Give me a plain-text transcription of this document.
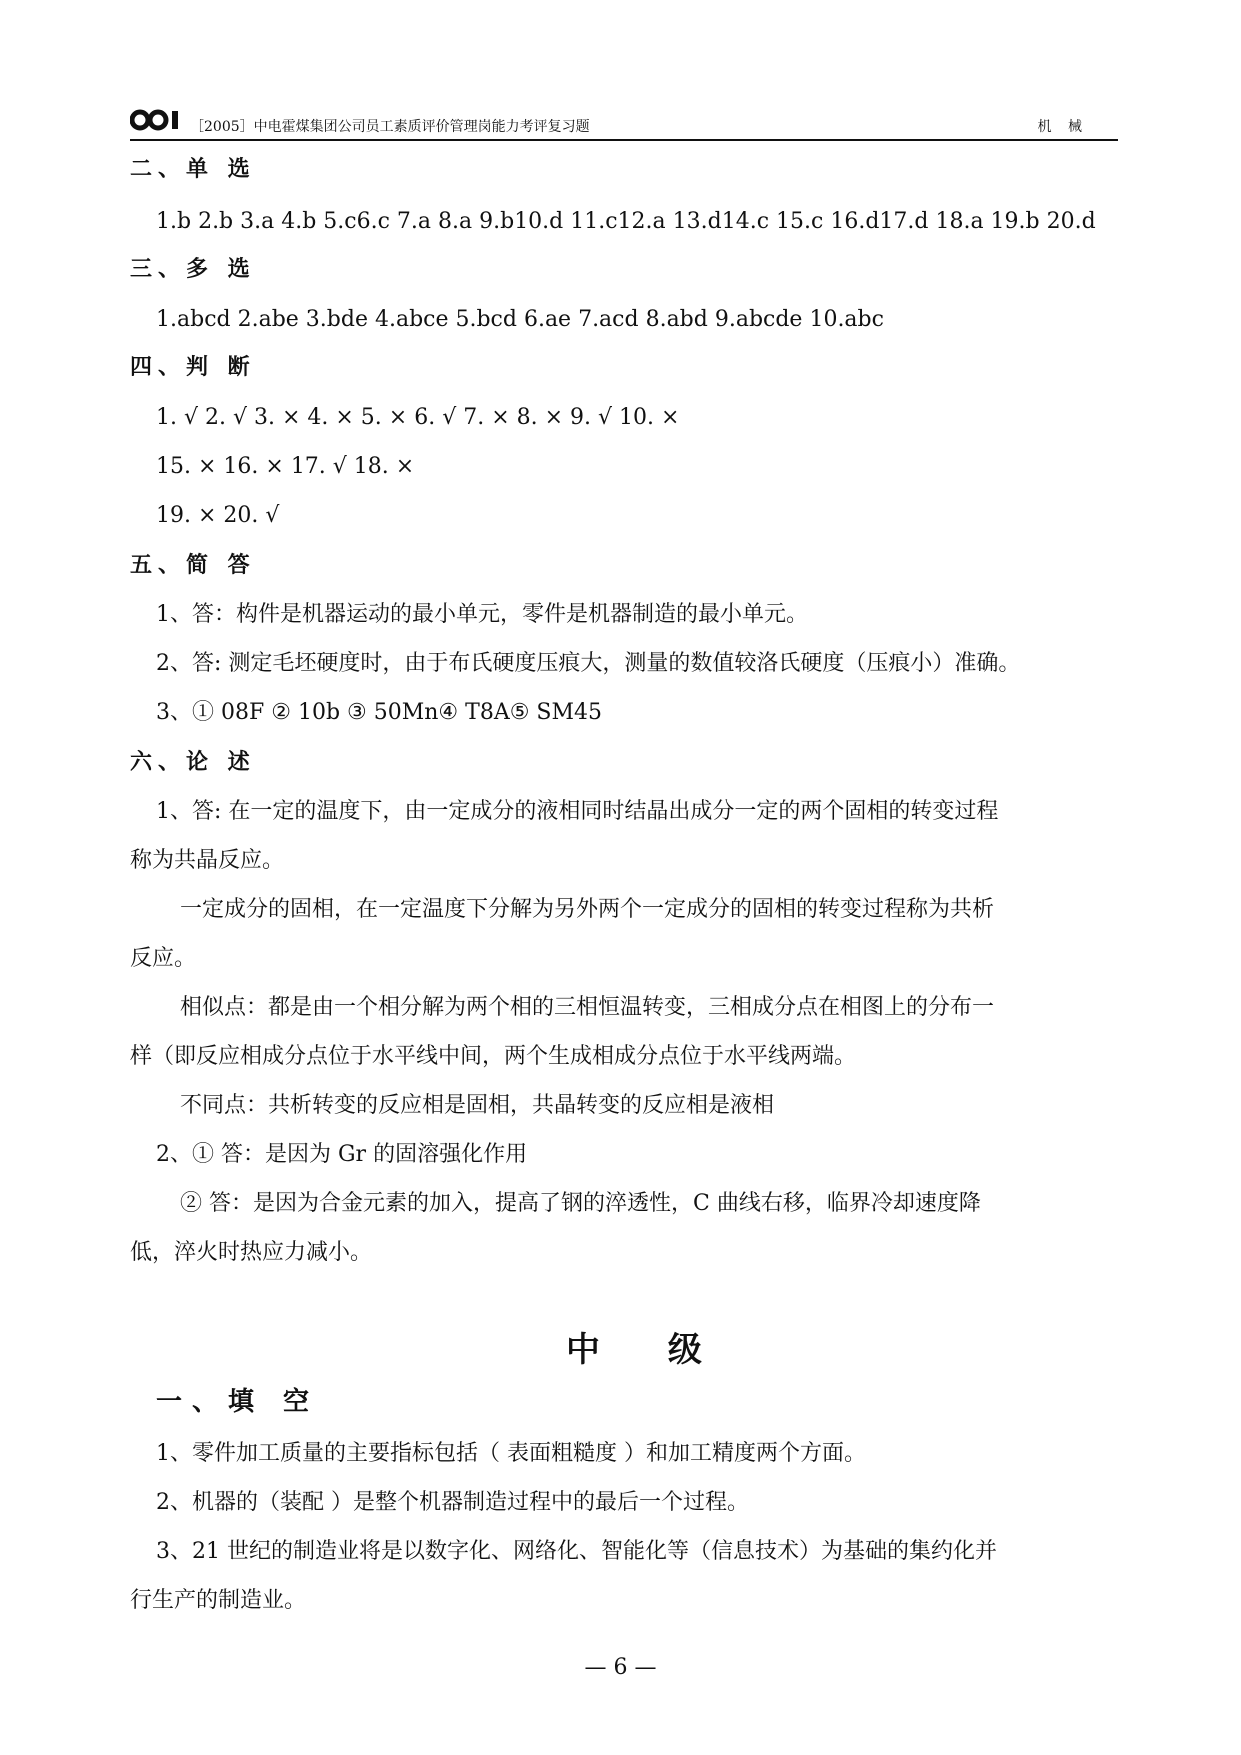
［2005］中电霍煤集团公司员工素质评价管理岗能力考评复习题	机 械
二、单 选
1.b 2.b 3.a 4.b 5.c6.c 7.a 8.a 9.b10.d 11.c12.a 13.d14.c 15.c 16.d17.d 18.a 19.b 20.d
三、多 选
1.abcd 2.abe 3.bde 4.abce 5.bcd 6.ae 7.acd 8.abd 9.abcde 10.abc
四、判 断
1. √ 2. √ 3. × 4. × 5. × 6. √ 7. × 8. × 9. √ 10. ×
15. × 16. × 17. √ 18. ×
19. × 20. √
五、简 答
1、答：构件是机器运动的最小单元，零件是机器制造的最小单元。
2、答: 测定毛坯硬度时，由于布氏硬度压痕大，测量的数值较洛氏硬度（压痕小）准确。
3、① 08F ② 10b ③ 50Mn④ T8A⑤ SM45
六、论 述
1、答: 在一定的温度下，由一定成分的液相同时结晶出成分一定的两个固相的转变过程
称为共晶反应。
一定成分的固相，在一定温度下分解为另外两个一定成分的固相的转变过程称为共析
反应。
相似点：都是由一个相分解为两个相的三相恒温转变，三相成分点在相图上的分布一
样（即反应相成分点位于水平线中间，两个生成相成分点位于水平线两端。
不同点：共析转变的反应相是固相，共晶转变的反应相是液相
2、① 答：是因为 Gr 的固溶强化作用
② 答：是因为合金元素的加入，提高了钢的淬透性，C 曲线右移，临界冷却速度降
低，淬火时热应力减小。
中 级
一、填 空
1、零件加工质量的主要指标包括（ 表面粗糙度 ）和加工精度两个方面。
2、机器的（装配 ）是整个机器制造过程中的最后一个过程。
3、21 世纪的制造业将是以数字化、网络化、智能化等（信息技术）为基础的集约化并
行生产的制造业。
— 6 —
